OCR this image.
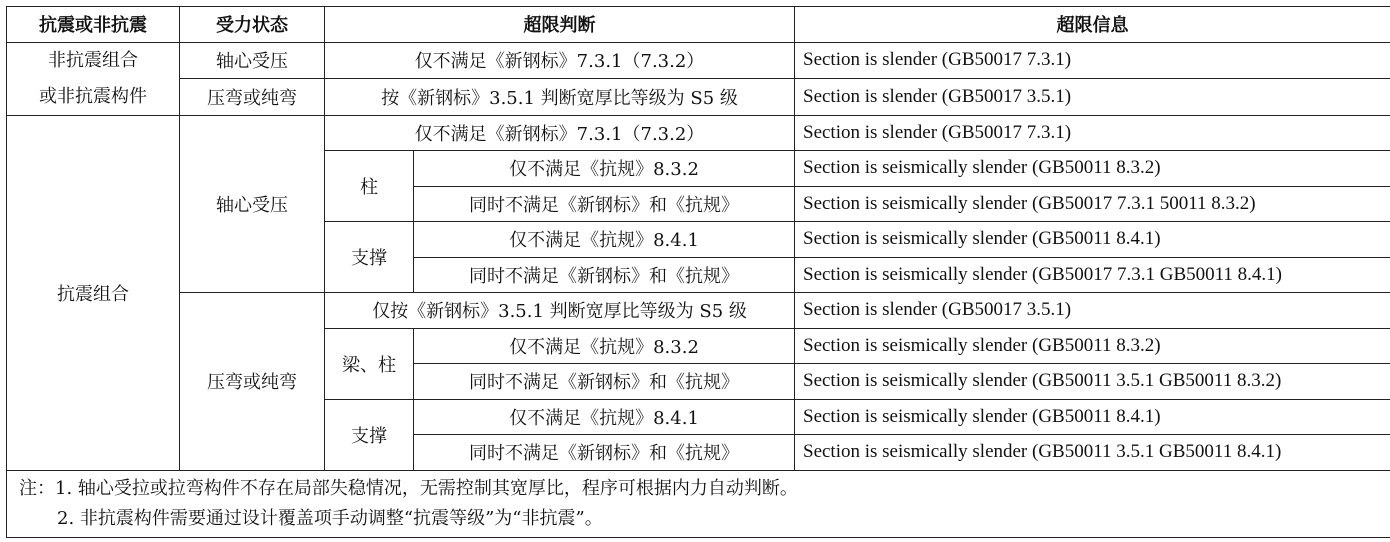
抗震或非抗震	受力状态	超限判断		超限信息

非抗震组合
或非抗震构件	轴心受压	仅不满足《新钢标》7.3.1（7.3.2）		Section is slender (GB50017 7.3.1)
	压弯或纯弯	按《新钢标》3.5.1 判断宽厚比等级为 S5 级		Section is slender (GB50017 3.5.1)
抗震组合	轴心受压	仅不满足《新钢标》7.3.1（7.3.2）		Section is slender (GB50017 7.3.1)
		柱	仅不满足《抗规》8.3.2	Section is seismically slender (GB50011 8.3.2)
			同时不满足《新钢标》和《抗规》	Section is seismically slender (GB50017 7.3.1 50011 8.3.2)
		支撑	仅不满足《抗规》8.4.1	Section is seismically slender (GB50011 8.4.1)
			同时不满足《新钢标》和《抗规》	Section is seismically slender (GB50017 7.3.1 GB50011 8.4.1)
	压弯或纯弯	仅按《新钢标》3.5.1 判断宽厚比等级为 S5 级		Section is slender (GB50017 3.5.1)
		梁、柱	仅不满足《抗规》8.3.2	Section is seismically slender (GB50011 8.3.2)
			同时不满足《新钢标》和《抗规》	Section is seismically slender (GB50011 3.5.1 GB50011 8.3.2)
		支撑	仅不满足《抗规》8.4.1	Section is seismically slender (GB50011 8.4.1)
			同时不满足《新钢标》和《抗规》	Section is seismically slender (GB50011 3.5.1 GB50011 8.4.1)

注：1. 轴心受拉或拉弯构件不存在局部失稳情况，无需控制其宽厚比，程序可根据内力自动判断。
2. 非抗震构件需要通过设计覆盖项手动调整“抗震等级”为“非抗震”。				
